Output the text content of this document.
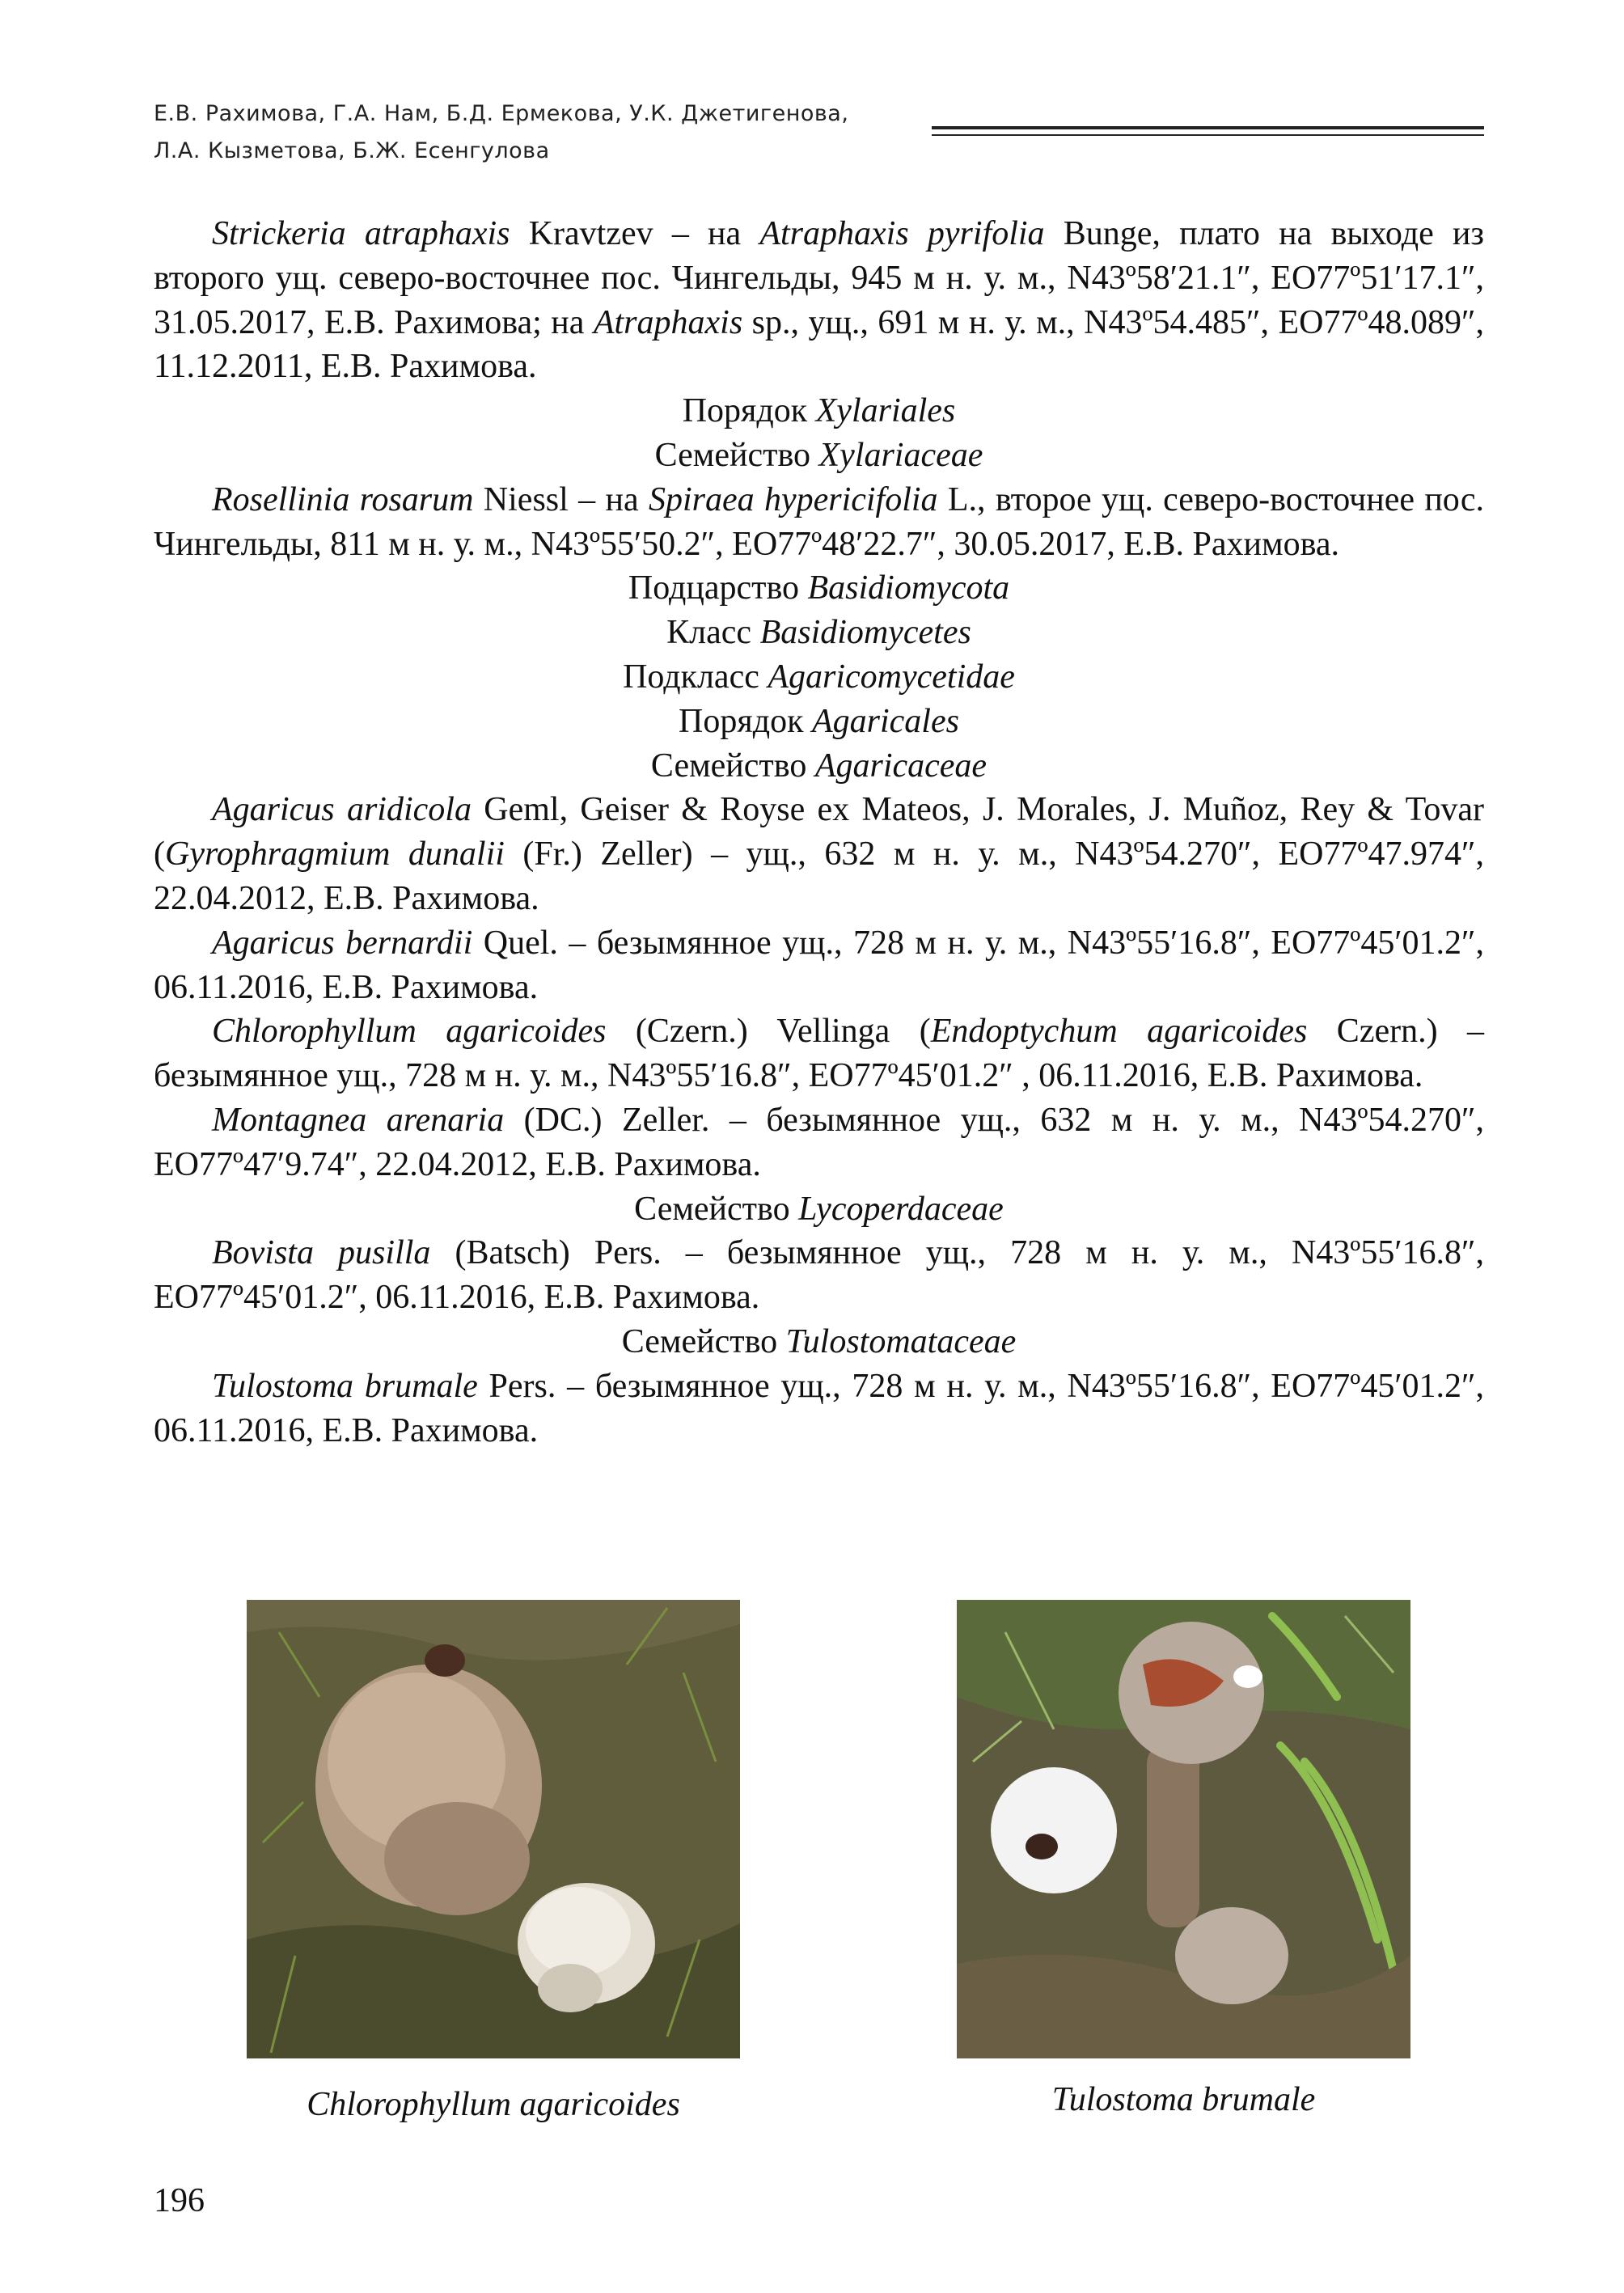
Е.В. Рахимова, Г.А. Нам, Б.Д. Ермекова, У.К. Джетигенова,
Л.А. Кызметова, Б.Ж. Есенгулова

Strickeria atraphaxis Kravtzev – на Atraphaxis pyrifolia Bunge, плато на выходе из второго ущ. северо-восточнее пос. Чингельды, 945 м н. у. м., N43º58′21.1″, EO77º51′17.1″, 31.05.2017, Е.В. Рахимова; на Atraphaxis sp., ущ., 691 м н. у. м., N43º54.485″, EO77º48.089″, 11.12.2011, Е.В. Рахимова.

Порядок Xylariales

Семейство Xylariaceae

Rosellinia rosarum Niessl – на Spiraea hypericifolia L., второе ущ. северо-восточнее пос. Чингельды, 811 м н. у. м., N43º55′50.2″, EO77º48′22.7″, 30.05.2017, Е.В. Рахимова.

Подцарство Basidiomycota

Класс Basidiomycetes

Подкласс Agaricomycetidae

Порядок Agaricales

Семейство Agaricaceae

Agaricus aridicola Geml, Geiser & Royse ex Mateos, J. Morales, J. Muñoz, Rey & Tovar (Gyrophragmium dunalii (Fr.) Zeller) – ущ., 632 м н. у. м., N43º54.270″, EO77º47.974″, 22.04.2012, Е.В. Рахимова.

Agaricus bernardii Quel. – безымянное ущ., 728 м н. у. м., N43º55′16.8″, EO77º45′01.2″, 06.11.2016, Е.В. Рахимова.

Chlorophyllum agaricoides (Czern.) Vellinga (Endoptychum agaricoides Czern.) – безымянное ущ., 728 м н. у. м., N43º55′16.8″, EO77º45′01.2″ , 06.11.2016, Е.В. Рахимова.

Montagnea arenaria (DC.) Zeller. – безымянное ущ., 632 м н. у. м., N43º54.270″, EO77º47′9.74″, 22.04.2012, Е.В. Рахимова.

Семейство Lycoperdaceae

Bovista pusilla (Batsch) Pers. – безымянное ущ., 728 м н. у. м., N43º55′16.8″, EO77º45′01.2″, 06.11.2016, Е.В. Рахимова.

Семейство Tulostomataceae

Tulostoma brumale Pers. – безымянное ущ., 728 м н. у. м., N43º55′16.8″, EO77º45′01.2″, 06.11.2016, Е.В. Рахимова.

Chlorophyllum agaricoides	Tulostoma brumale
196
